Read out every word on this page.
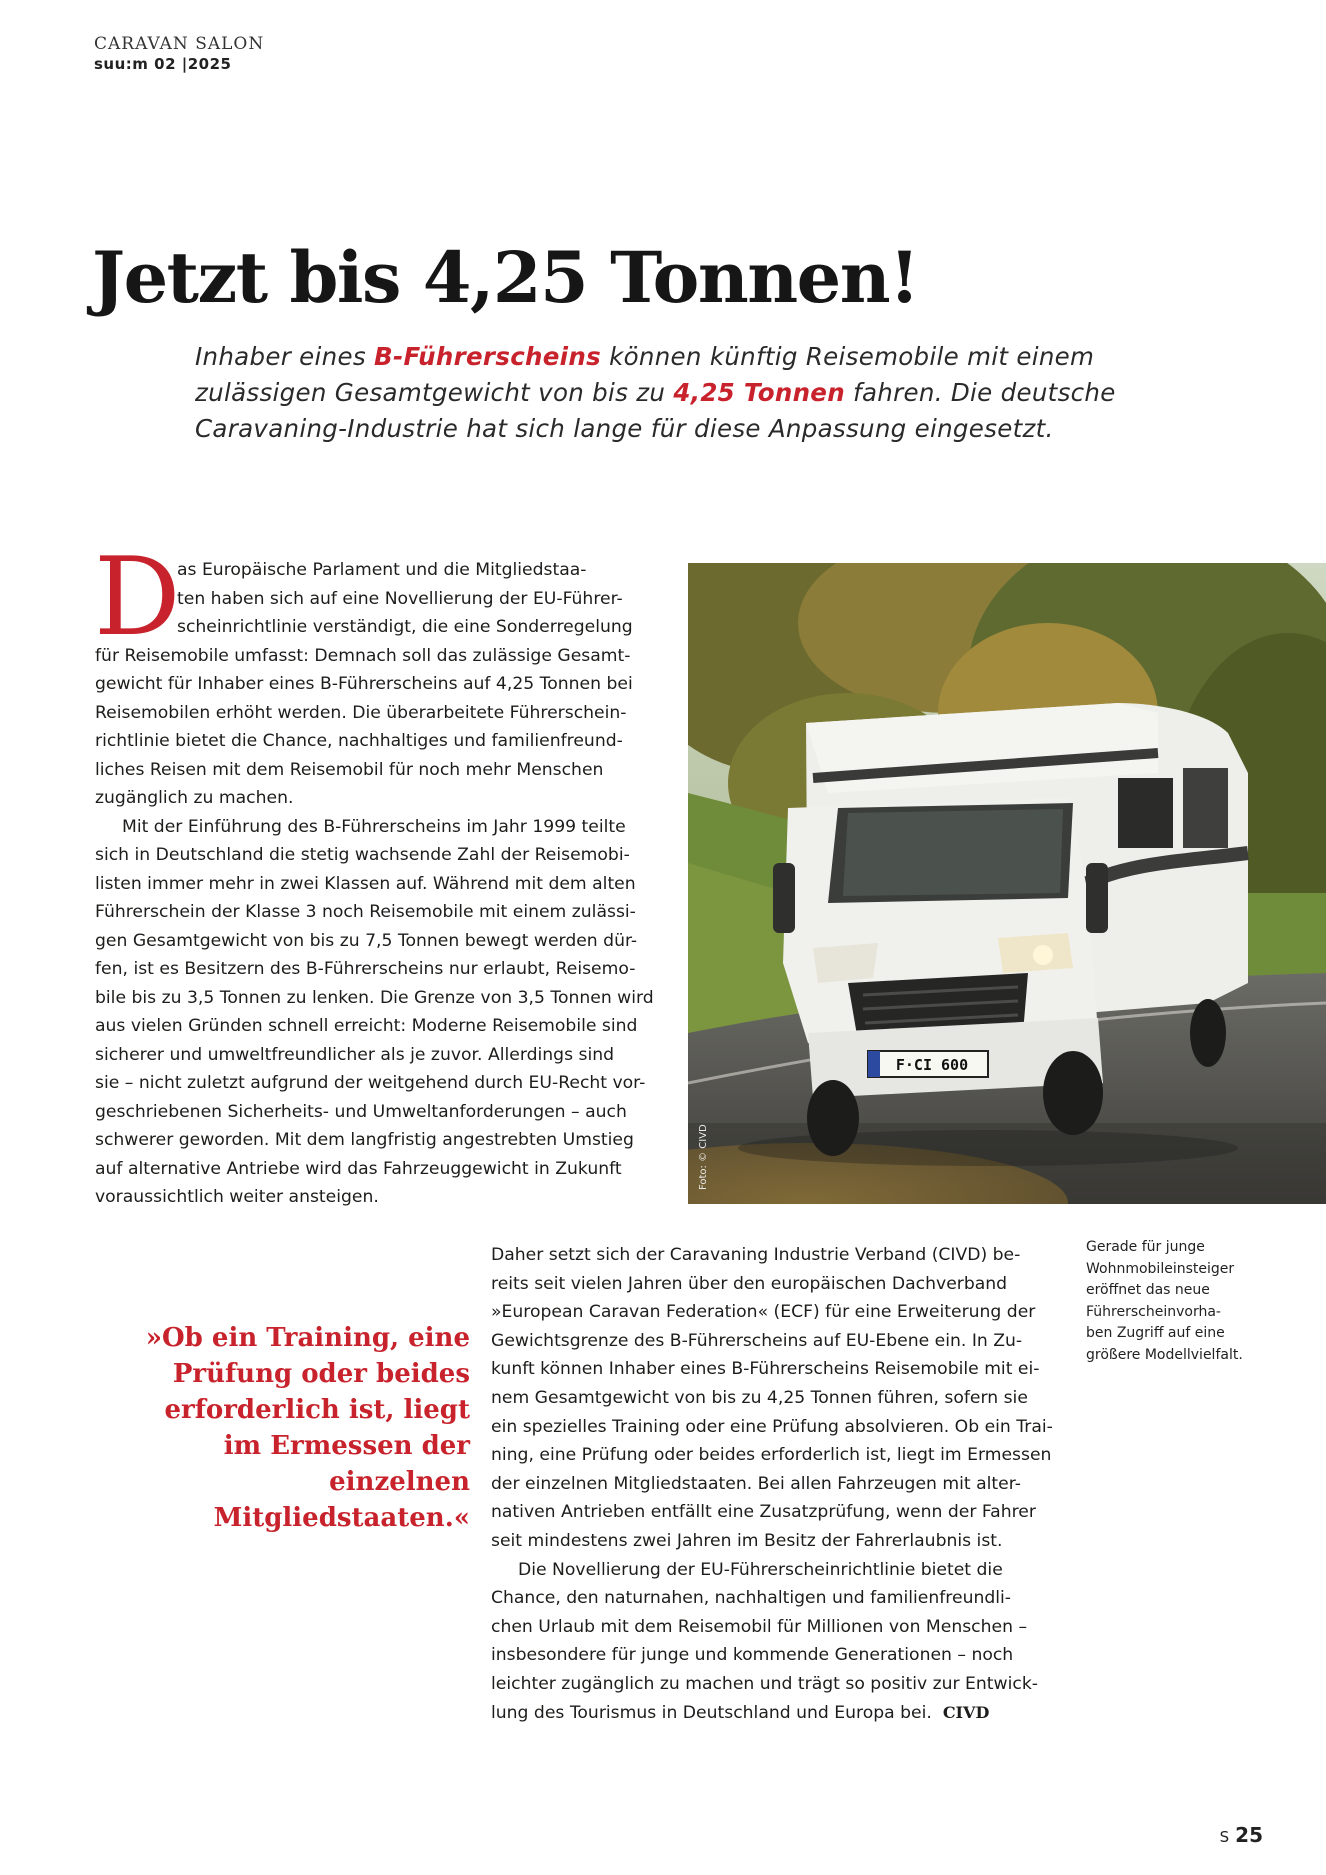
CARAVAN SALON
suu:m 02 |2025
Jetzt bis 4,25 Tonnen!

Inhaber eines B-Führerscheins können künftig Reisemobile mit einem
zulässigen Gesamtgewicht von bis zu 4,25 Tonnen fahren. Die deutsche
Caravaning-Industrie hat sich lange für diese Anpassung eingesetzt.

D
as Europäische Parlament und die Mitgliedstaa-
ten haben sich auf eine Novellierung der EU-Führer-
scheinrichtlinie verständigt, die eine Sonderregelung
für Reisemobile umfasst: Demnach soll das zulässige Gesamt-
gewicht für Inhaber eines B-Führerscheins auf 4,25 Tonnen bei
Reisemobilen erhöht werden. Die überarbeitete Führerschein-
richtlinie bietet die Chance, nachhaltiges und familienfreund-
liches Reisen mit dem Reisemobil für noch mehr Menschen
zugänglich zu machen.
Mit der Einführung des B-Führerscheins im Jahr 1999 teilte
sich in Deutschland die stetig wachsende Zahl der Reisemobi-
listen immer mehr in zwei Klassen auf. Während mit dem alten
Führerschein der Klasse 3 noch Reisemobile mit einem zulässi-
gen Gesamtgewicht von bis zu 7,5 Tonnen bewegt werden dür-
fen, ist es Besitzern des B-Führerscheins nur erlaubt, Reisemo-
bile bis zu 3,5 Tonnen zu lenken. Die Grenze von 3,5 Tonnen wird
aus vielen Gründen schnell erreicht: Moderne Reisemobile sind
sicherer und umweltfreundlicher als je zuvor. Allerdings sind
sie – nicht zuletzt aufgrund der weitgehend durch EU-Recht vor-
geschriebenen Sicherheits- und Umweltanforderungen – auch
schwerer geworden. Mit dem langfristig angestrebten Umstieg
auf alternative Antriebe wird das Fahrzeuggewicht in Zukunft
voraussichtlich weiter ansteigen.
F·CI 600
Foto: © CIVD
»Ob ein Training, eine Prüfung oder beides erforderlich ist, liegt im Ermessen der einzelnen Mitgliedstaaten.«
Daher setzt sich der Caravaning Industrie Verband (CIVD) be-
reits seit vielen Jahren über den europäischen Dachverband
»European Caravan Federation« (ECF) für eine Erweiterung der
Gewichtsgrenze des B-Führerscheins auf EU-Ebene ein. In Zu-
kunft können Inhaber eines B-Führerscheins Reisemobile mit ei-
nem Gesamtgewicht von bis zu 4,25 Tonnen führen, sofern sie
ein spezielles Training oder eine Prüfung absolvieren. Ob ein Trai-
ning, eine Prüfung oder beides erforderlich ist, liegt im Ermessen
der einzelnen Mitgliedstaaten. Bei allen Fahrzeugen mit alter-
nativen Antrieben entfällt eine Zusatzprüfung, wenn der Fahrer
seit mindestens zwei Jahren im Besitz der Fahrerlaubnis ist.
Die Novellierung der EU-Führerscheinrichtlinie bietet die
Chance, den naturnahen, nachhaltigen und familienfreundli-
chen Urlaub mit dem Reisemobil für Millionen von Menschen –
insbesondere für junge und kommende Generationen – noch
leichter zugänglich zu machen und trägt so positiv zur Entwick-
lung des Tourismus in Deutschland und Europa bei. CIVD
Gerade für junge
Wohnmobileinsteiger
eröffnet das neue
Führerscheinvorha-
ben Zugriff auf eine
größere Modellvielfalt.
S 25
